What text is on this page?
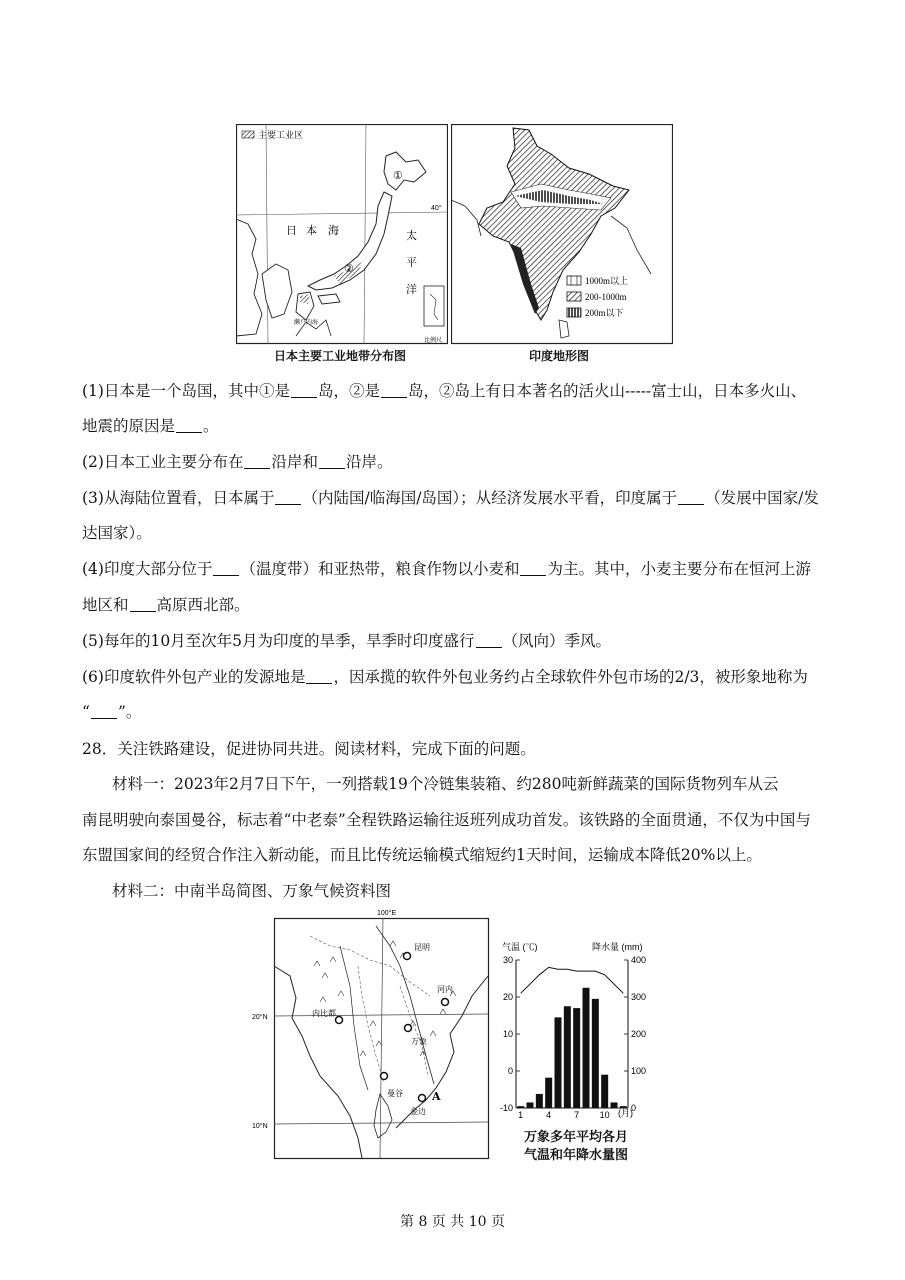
主要工业区
40°
①
②
日 本 海	太
平
洋
濑户内海
比例尺
日本主要工业地带分布图
1000m以上
200-1000m
200m以下
印度地形图
(1)日本是一个岛国，其中①是 岛，②是 岛，②岛上有日本著名的活火山-----富士山，日本多火山、
地震的原因是 。
(2)日本工业主要分布在 沿岸和 沿岸。
(3)从海陆位置看，日本属于 （内陆国/临海国/岛国）；从经济发展水平看，印度属于 （发展中国家/发
达国家）。
(4)印度大部分位于 （温度带）和亚热带，粮食作物以小麦和 为主。其中，小麦主要分布在恒河上游
地区和 高原西北部。
(5)每年的10月至次年5月为印度的旱季，旱季时印度盛行 （风向）季风。
(6)印度软件外包产业的发源地是 ，因承揽的软件外包业务约占全球软件外包市场的2/3，被形象地称为
“ ”。
28．关注铁路建设，促进协同共进。阅读材料，完成下面的问题。
材料一：2023年2月7日下午，一列搭载19个冷链集装箱、约280吨新鲜蔬菜的国际货物列车从云
南昆明驶向泰国曼谷，标志着“中老泰”全程铁路运输往返班列成功首发。该铁路的全面贯通，不仅为中国与
东盟国家间的经贸合作注入新动能，而且比传统运输模式缩短约1天时间，运输成本降低20%以上。
材料二：中南半岛简图、万象气候资料图
100°E
20°N
10°N
昆明
河内
内比都
万象
曼谷
金边
A
气温 (℃)	降水量 (mm)
(月)
30
20
10
0
-10
400
300
200
100
0
1	4	7 10
万象多年平均各月
气温和年降水量图
第 8 页 共 10 页
